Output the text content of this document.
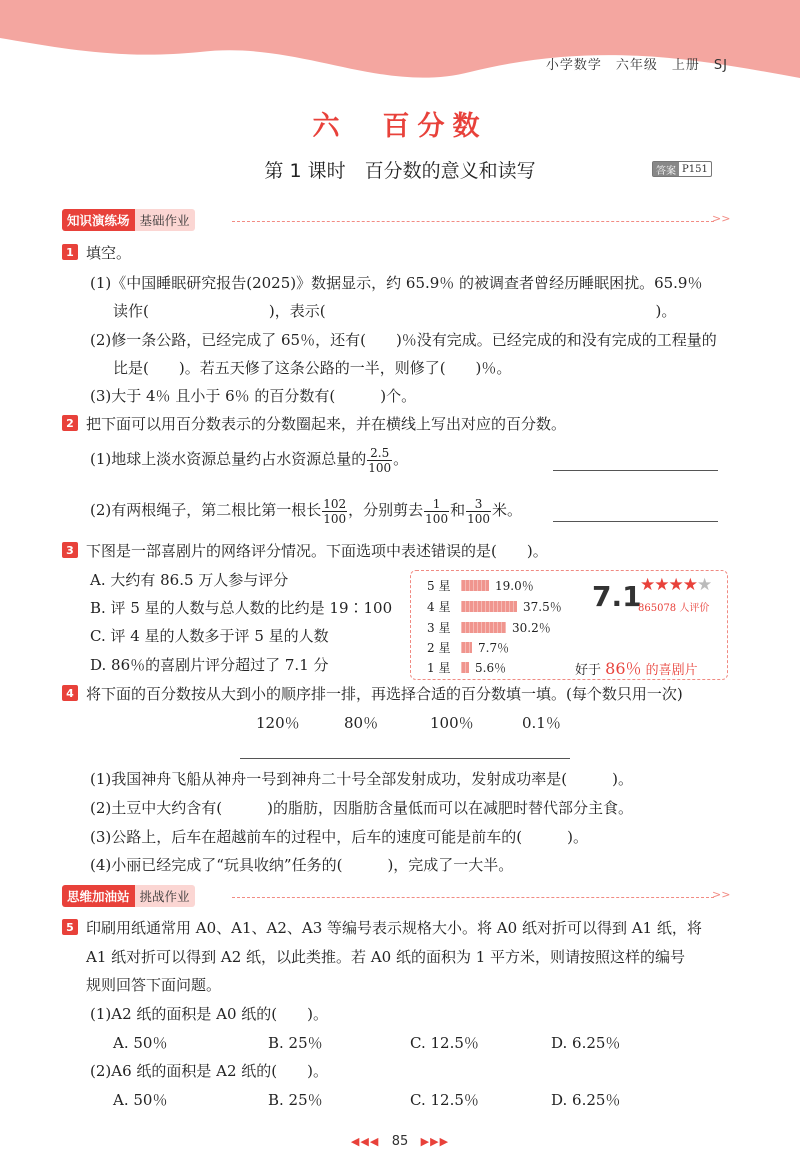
小学数学　六年级　上册　SJ
六　百分数
第 1 课时　百分数的意义和读写	答案 P151
知识演练场 基础作业	>>
1 填空。
(1)《中国睡眠研究报告(2025)》数据显示，约 65.9％ 的被调查者曾经历睡眠困扰。65.9％
读作(　　　　　　　　)，表示(　　　　　　　　　　　　　　　　　　　　　　)。
(2)修一条公路，已经完成了 65％，还有(　　)％没有完成。已经完成的和没有完成的工程量的
比是(　　)。若五天修了这条公路的一半，则修了(　　)％。
(3)大于 4％ 且小于 6％ 的百分数有(　　　)个。
2 把下面可以用百分数表示的分数圈起来，并在横线上写出对应的百分数。
(1)地球上淡水资源总量约占水资源总量的 $\frac{2.5}{100}$ 。
(2)有两根绳子，第二根比第一根长 $\frac{102}{100}$ ，分别剪去 $\frac{1}{100}$ 和 $\frac{3}{100}$ 米。
3 下图是一部喜剧片的网络评分情况。下面选项中表述错误的是(　　)。
A. 大约有 86.5 万人参与评分
B. 评 5 星的人数与总人数的比约是 19∶100
C. 评 4 星的人数多于评 5 星的人数
D. 86％的喜剧片评分超过了 7.1 分
5 星	19.0％
4 星	37.5％
3 星	30.2％
2 星	7.7％
1 星	5.6％
7.1
★★★★★
865078 人评价
好于 86％ 的喜剧片
4 将下面的百分数按从大到小的顺序排一排，再选择合适的百分数填一填。(每个数只用一次)
120％	80％	100％	0.1％
(1)我国神舟飞船从神舟一号到神舟二十号全部发射成功，发射成功率是(　　　)。
(2)土豆中大约含有(　　　)的脂肪，因脂肪含量低而可以在减肥时替代部分主食。
(3)公路上，后车在超越前车的过程中，后车的速度可能是前车的(　　　)。
(4)小丽已经完成了“玩具收纳”任务的(　　　)，完成了一大半。
思维加油站 挑战作业	>>
5 印刷用纸通常用 A0、A1、A2、A3 等编号表示规格大小。将 A0 纸对折可以得到 A1 纸，将
A1 纸对折可以得到 A2 纸，以此类推。若 A0 纸的面积为 1 平方米，则请按照这样的编号
规则回答下面问题。
(1)A2 纸的面积是 A0 纸的(　　)。
A. 50％	B. 25％	C. 12.5％	D. 6.25％
(2)A6 纸的面积是 A2 纸的(　　)。
A. 50％	B. 25％	C. 12.5％	D. 6.25％
◀◀◀ 85 ▶▶▶
